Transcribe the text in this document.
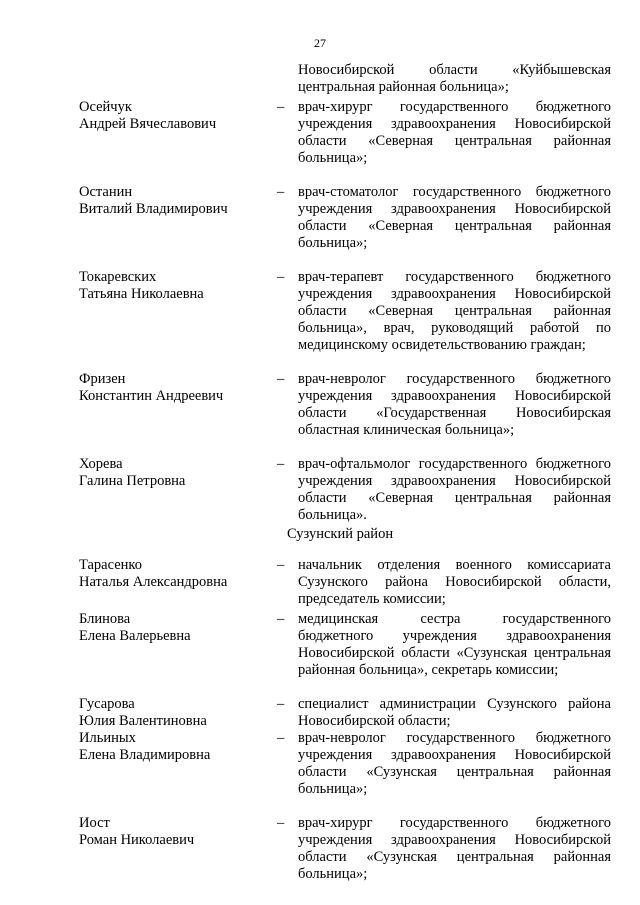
27
Новосибирской области «Куйбышевская центральная районная больница»;
Осейчук
Андрей Вячеславович
– врач-хирург государственного бюджетного учреждения здравоохранения Новосибирской области «Северная центральная районная больница»;
Останин
Виталий Владимирович
– врач-стоматолог государственного бюджетного учреждения здравоохранения Новосибирской области «Северная центральная районная больница»;
Токаревских
Татьяна Николаевна
– врач-терапевт государственного бюджетного учреждения здравоохранения Новосибирской области «Северная центральная районная больница», врач, руководящий работой по медицинскому освидетельствованию граждан;
Фризен
Константин Андреевич
– врач-невролог государственного бюджетного учреждения здравоохранения Новосибирской области «Государственная Новосибирская областная клиническая больница»;
Хорева
Галина Петровна
– врач-офтальмолог государственного бюджетного учреждения здравоохранения Новосибирской области «Северная центральная районная больница».
Сузунский район
Тарасенко
Наталья Александровна
– начальник отделения военного комиссариата Сузунского района Новосибирской области, председатель комиссии;
Блинова
Елена Валерьевна
– медицинская сестра государственного бюджетного учреждения здравоохранения Новосибирской области «Сузунская центральная районная больница», секретарь комиссии;
Гусарова
Юлия Валентиновна
– специалист администрации Сузунского района Новосибирской области;
Ильиных
Елена Владимировна
– врач-невролог государственного бюджетного учреждения здравоохранения Новосибирской области «Сузунская центральная районная больница»;
Иост
Роман Николаевич
– врач-хирург государственного бюджетного учреждения здравоохранения Новосибирской области «Сузунская центральная районная больница»;
